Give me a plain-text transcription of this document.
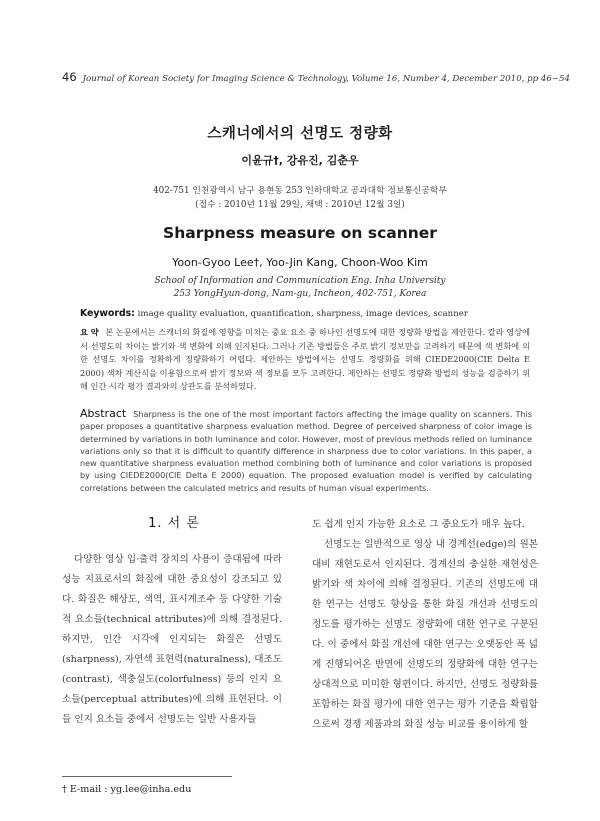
46 Journal of Korean Society for Imaging Science & Technology, Volume 16, Number 4, December 2010, pp 46~54
스캐너에서의 선명도 정량화
이윤규†, 강유진, 김춘우
402-751 인천광역시 남구 용현동 253 인하대학교 공과대학 정보통신공학부
(접수 : 2010년 11월 29일, 채택 : 2010년 12월 3일)
Sharpness measure on scanner
Yoon-Gyoo Lee†, Yoo-Jin Kang, Choon-Woo Kim
School of Information and Communication Eng. Inha University
253 YongHyun-dong, Nam-gu, Incheon, 402-751, Korea
Keywords: image quality evaluation, quantification, sharpness, image devices, scanner
요 약 본 논문에서는 스캐너의 화질에 영향을 미치는 중요 요소 중 하나인 선명도에 대한 정량화 방법을 제안한다. 칼라 영상에서 선명도의 차이는 밝기와 색 변화에 의해 인지된다. 그러나 기존 방법들은 주로 밝기 정보만을 고려하기 때문에 색 변화에 의한 선명도 차이를 정확하게 정량화하기 어렵다. 제안하는 방법에서는 선명도 정량화를 위해 CIEDE2000(CIE Delta E 2000) 색차 계산식을 이용함으로써 밝기 정보와 색 정보를 모두 고려한다. 제안하는 선명도 정량화 방법의 성능을 검증하기 위해 인간 시각 평가 결과와의 상관도를 분석하였다.
Abstract Sharpness is the one of the most important factors affecting the image quality on scanners. This paper proposes a quantitative sharpness evaluation method. Degree of perceived sharpness of color image is determined by variations in both luminance and color. However, most of previous methods relied on luminance variations only so that it is difficult to quantify difference in sharpness due to color variations. In this paper, a new quantitative sharpness evaluation method combining both of luminance and color variations is proposed by using CIEDE2000(CIE Delta E 2000) equation. The proposed evaluation model is verified by calculating correlations between the calculated metrics and results of human visual experiments.
1. 서 론

다양한 영상 입·출력 장치의 사용이 증대됨에 따라 성능 지표로서의 화질에 대한 중요성이 강조되고 있다. 화질은 해상도, 색역, 표시계조수 등 다양한 기술적 요소들(technical attributes)에 의해 결정된다. 하지만, 인간 시각에 인지되는 화질은 선명도(sharpness), 자연색 표현력(naturalness), 대조도(contrast), 색충실도(colorfulness) 등의 인지 요소들(perceptual attributes)에 의해 표현된다. 이들 인지 요소들 중에서 선명도는 일반 사용자들

도 쉽게 인지 가능한 요소로 그 중요도가 매우 높다.

선명도는 일반적으로 영상 내 경계선(edge)의 원본 대비 재현도로서 인지된다. 경계선의 충실한 재현성은 밝기와 색 차이에 의해 결정된다. 기존의 선명도에 대한 연구는 선명도 향상을 통한 화질 개선과 선명도의 정도를 평가하는 선명도 정량화에 대한 연구로 구분된다. 이 중에서 화질 개선에 대한 연구는 오랫동안 폭 넓게 진행되어온 반면에 선명도의 정량화에 대한 연구는 상대적으로 미미한 형편이다. 하지만, 선명도 정량화를 포함하는 화질 평가에 대한 연구는 평가 기준을 확립함으로써 경쟁 제품과의 화질 성능 비교를 용이하게 할

† E-mail : yg.lee@inha.edu
